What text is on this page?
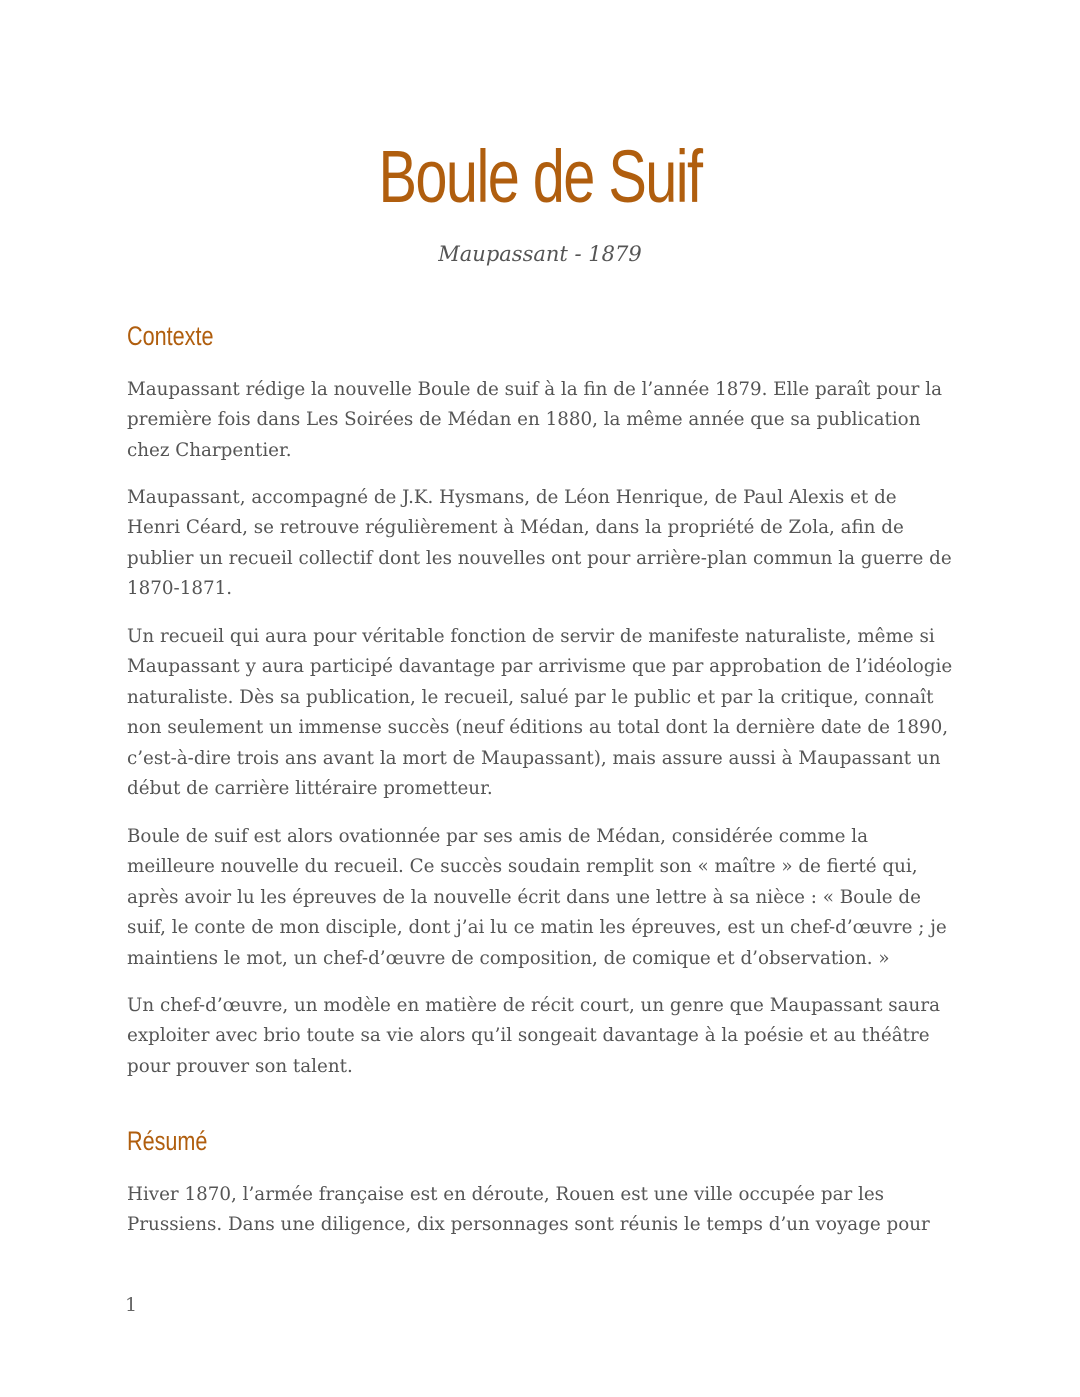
Boule de Suif

Maupassant - 1879

Contexte

Maupassant rédige la nouvelle Boule de suif à la fin de l’année 1879. Elle paraît pour la première fois dans Les Soirées de Médan en 1880, la même année que sa publication chez Charpentier.

Maupassant, accompagné de J.K. Hysmans, de Léon Henrique, de Paul Alexis et de Henri Céard, se retrouve régulièrement à Médan, dans la propriété de Zola, afin de publier un recueil collectif dont les nouvelles ont pour arrière-plan commun la guerre de 1870-1871.

Un recueil qui aura pour véritable fonction de servir de manifeste naturaliste, même si Maupassant y aura participé davantage par arrivisme que par approbation de l’idéologie naturaliste. Dès sa publication, le recueil, salué par le public et par la critique, connaît non seulement un immense succès (neuf éditions au total dont la dernière date de 1890, c’est-à-dire trois ans avant la mort de Maupassant), mais assure aussi à Maupassant un début de carrière littéraire prometteur.

Boule de suif est alors ovationnée par ses amis de Médan, considérée comme la meilleure nouvelle du recueil. Ce succès soudain remplit son « maître » de fierté qui, après avoir lu les épreuves de la nouvelle écrit dans une lettre à sa nièce : « Boule de suif, le conte de mon disciple, dont j’ai lu ce matin les épreuves, est un chef-d’œuvre ; je maintiens le mot, un chef-d’œuvre de composition, de comique et d’observation. »

Un chef-d’œuvre, un modèle en matière de récit court, un genre que Maupassant saura exploiter avec brio toute sa vie alors qu’il songeait davantage à la poésie et au théâtre pour prouver son talent.

Résumé

Hiver 1870, l’armée française est en déroute, Rouen est une ville occupée par les Prussiens. Dans une diligence, dix personnages sont réunis le temps d’un voyage pour

1
